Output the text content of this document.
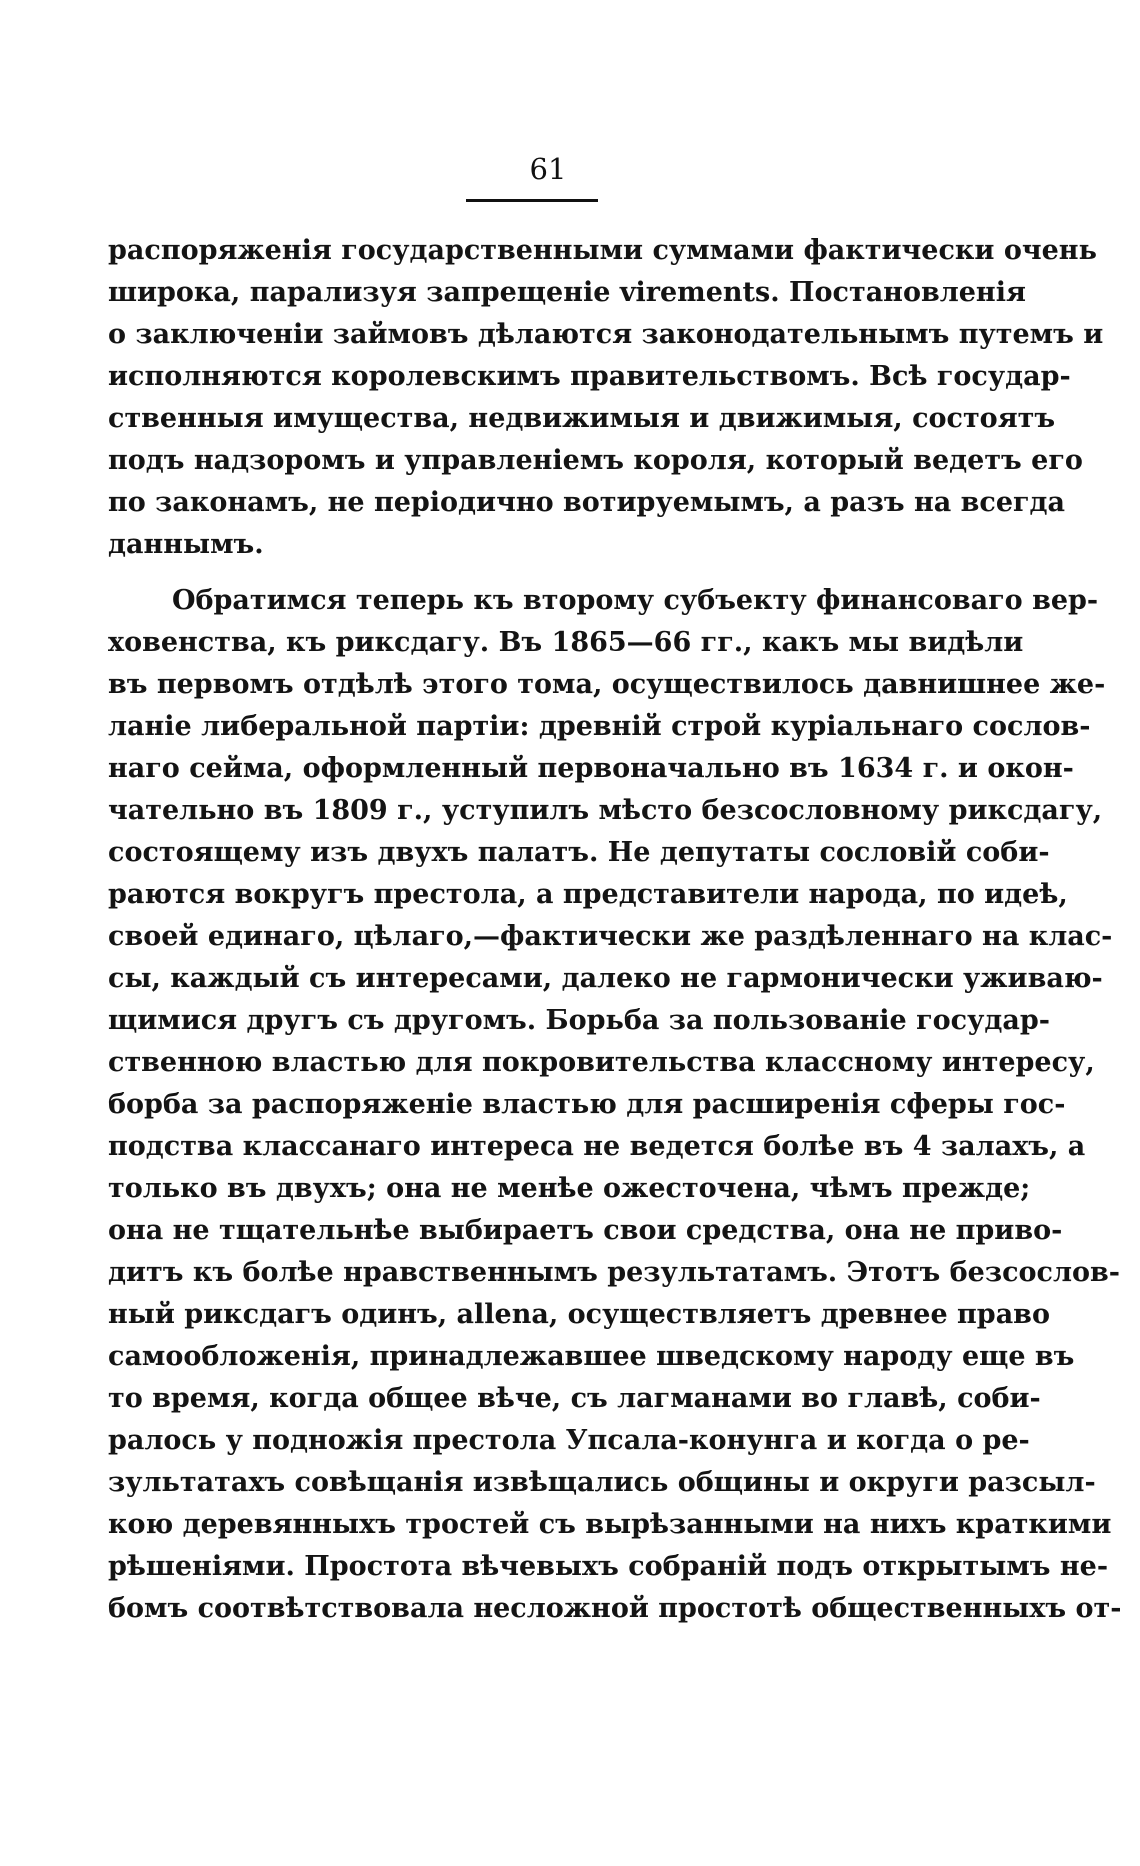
61
распоряженія государственными суммами фактически очень
широка, парализуя запрещеніе virements. Постановленія
о заключеніи займовъ дѣлаются законодательнымъ путемъ и
исполняются королевскимъ правительствомъ. Всѣ государ-
ственныя имущества, недвижимыя и движимыя, состоятъ
подъ надзоромъ и управленіемъ короля, который ведетъ его
по законамъ, не періодично вотируемымъ, а разъ на всегда
даннымъ.
Обратимся теперь къ второму субъекту финансоваго вер-
ховенства, къ риксдагу. Въ 1865—66 гг., какъ мы видѣли
въ первомъ отдѣлѣ этого тома, осуществилось давнишнее же-
ланіе либеральной партіи: древній строй куріальнаго сослов-
наго сейма, оформленный первоначально въ 1634 г. и окон-
чательно въ 1809 г., уступилъ мѣсто безсословному риксдагу,
состоящему изъ двухъ палатъ. Не депутаты сословій соби-
раются вокругъ престола, а представители народа, по идеѣ,
своей единаго, цѣлаго,—фактически же раздѣленнаго на клас-
сы, каждый съ интересами, далеко не гармонически уживаю-
щимися другъ съ другомъ. Борьба за пользованіе государ-
ственною властью для покровительства классному интересу,
борба за распоряженіе властью для расширенія сферы гос-
подства классанаго интереса не ведется болѣе въ 4 залахъ, а
только въ двухъ; она не менѣе ожесточена, чѣмъ прежде;
она не тщательнѣе выбираетъ свои средства, она не приво-
дитъ къ болѣе нравственнымъ результатамъ. Этотъ безсослов-
ный риксдагъ одинъ, allena, осуществляетъ древнее право
самообложенія, принадлежавшее шведскому народу еще въ
то время, когда общее вѣче, съ лагманами во главѣ, соби-
ралось у подножія престола Упсала-конунга и когда о ре-
зультатахъ совѣщанія извѣщались общины и округи разсыл-
кою деревянныхъ тростей съ вырѣзанными на нихъ краткими
рѣшеніями. Простота вѣчевыхъ собраній подъ открытымъ не-
бомъ соотвѣтствовала несложной простотѣ общественныхъ от-
